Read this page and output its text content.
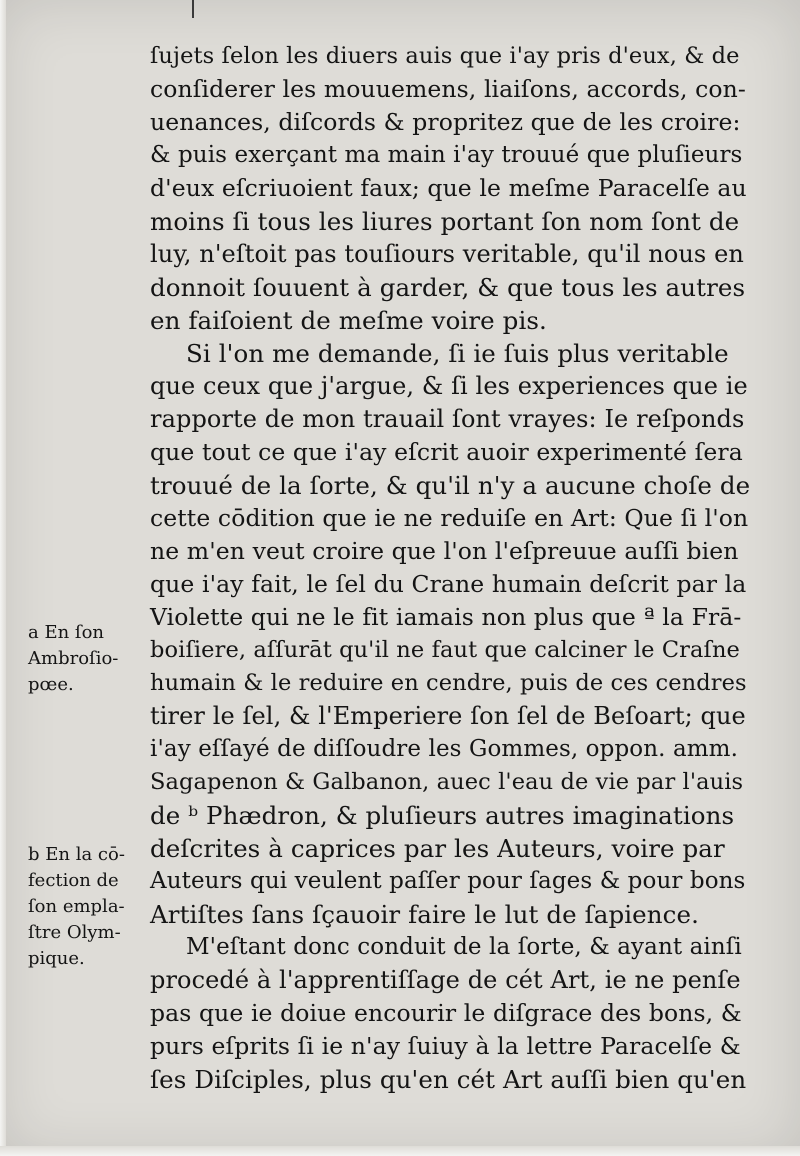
ſujets ſelon les diuers auis que i'ay pris d'eux, & de
conſiderer les mouuemens, liaiſons, accords, con-
uenances, diſcords & propritez que de les croire:
& puis exerçant ma main i'ay trouué que pluſieurs
d'eux eſcriuoient faux; que le meſme Paracelſe au
moins ſi tous les liures portant ſon nom ſont de
luy, n'eſtoit pas touſiours veritable, qu'il nous en
donnoit ſouuent à garder, & que tous les autres
en faiſoient de meſme voire pis.
Si l'on me demande, ſi ie ſuis plus veritable
que ceux que j'argue, & ſi les experiences que ie
rapporte de mon trauail ſont vrayes: Ie reſponds
que tout ce que i'ay eſcrit auoir experimenté ſera
trouué de la ſorte, & qu'il n'y a aucune choſe de
cette cōdition que ie ne reduiſe en Art: Que ſi l'on
ne m'en veut croire que l'on l'eſpreuue auſſi bien
que i'ay fait, le ſel du Crane humain deſcrit par la
Violette qui ne le fit iamais non plus que ª la Frā-
boiſiere, aſſurāt qu'il ne faut que calciner le Craſne
humain & le reduire en cendre, puis de ces cendres
tirer le ſel, & l'Emperiere ſon ſel de Beſoart; que
i'ay eſſayé de diſſoudre les Gommes, oppon. amm.
Sagapenon & Galbanon, auec l'eau de vie par l'auis
de ᵇ Phædron, & pluſieurs autres imaginations
deſcrites à caprices par les Auteurs, voire par
Auteurs qui veulent paſſer pour ſages & pour bons
Artiſtes ſans ſçauoir faire le lut de ſapience.
M'eſtant donc conduit de la ſorte, & ayant ainſi
procedé à l'apprentiſſage de cét Art, ie ne penſe
pas que ie doiue encourir le diſgrace des bons, &
purs eſprits ſi ie n'ay ſuiuy à la lettre Paracelſe &
ſes Diſciples, plus qu'en cét Art auſſi bien qu'en
a En ſon
Ambroſio-
pœe.
b En la cō-
fection de
ſon empla-
ſtre Olym-
pique.
